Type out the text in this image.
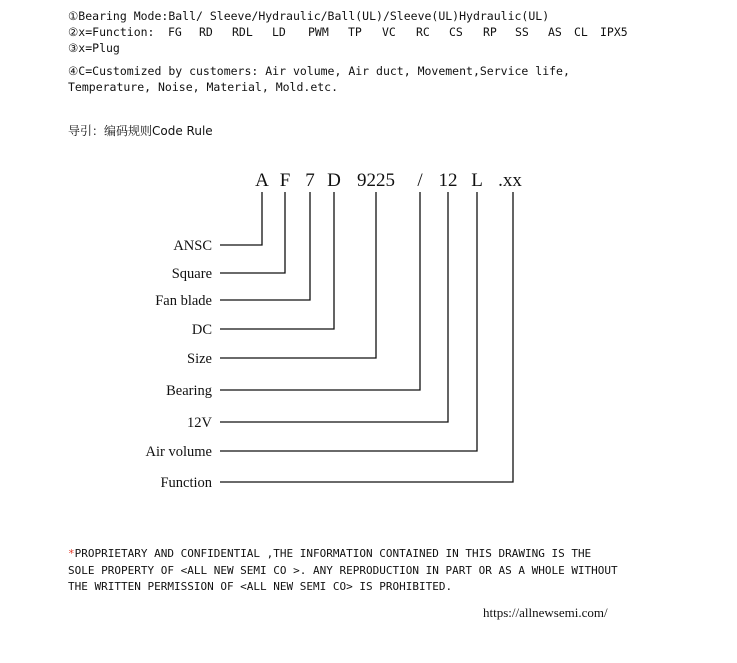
①Bearing Mode:Ball/ Sleeve/Hydraulic/Ball(UL)/Sleeve(UL)Hydraulic(UL)
②x=Function:	FG	RD	RDL	LD	PWM	TP	VC	RC	CS	RP	SS	AS	CL	IPX5
③x=Plug
④C=Customized by customers: Air volume, Air duct, Movement,Service life,
Temperature, Noise, Material, Mold.etc.
导引：编码规则Code Rule
A F 7 D 9225 / 12 L .xx
ANSC
Square
Fan blade
DC
Size
Bearing
12V
Air volume
Function
*PROPRIETARY AND CONFIDENTIAL ,THE INFORMATION CONTAINED IN THIS DRAWING IS THE
SOLE PROPERTY OF <ALL NEW SEMI CO >. ANY REPRODUCTION IN PART OR AS A WHOLE WITHOUT
THE WRITTEN PERMISSION OF <ALL NEW SEMI CO> IS PROHIBITED.
https://allnewsemi.com/
